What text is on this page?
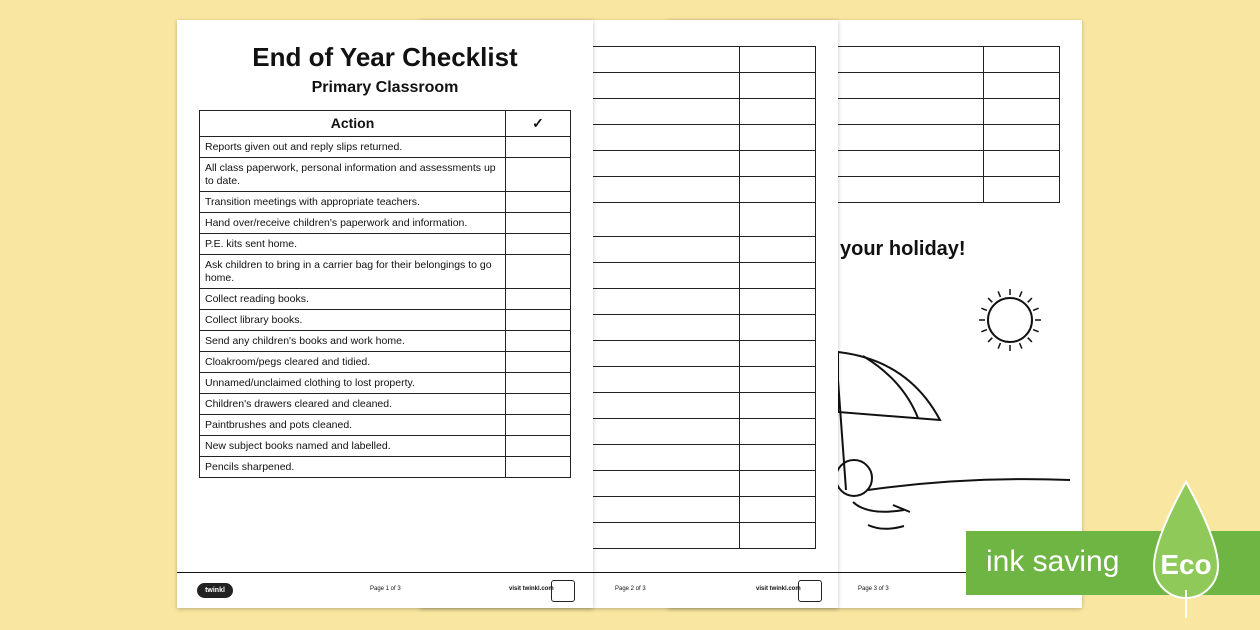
your holiday!
Page 3 of 3

Page 2 of 3	visit twinkl.com
End of Year Checklist
Primary Classroom
Action	✓
Reports given out and reply slips returned.	
All class paperwork, personal information and assessments up to date.	
Transition meetings with appropriate teachers.	
Hand over/receive children's paperwork and information.	
P.E. kits sent home.	
Ask children to bring in a carrier bag for their belongings to go home.	
Collect reading books.	
Collect library books.	
Send any children's books and work home.	
Cloakroom/pegs cleared and tidied.	
Unnamed/unclaimed clothing to lost property.	
Children's drawers cleared and cleaned.	
Paintbrushes and pots cleaned.	
New subject books named and labelled.	
Pencils sharpened.	
twinkl	Page 1 of 3	visit twinkl.com
ink saving Eco
